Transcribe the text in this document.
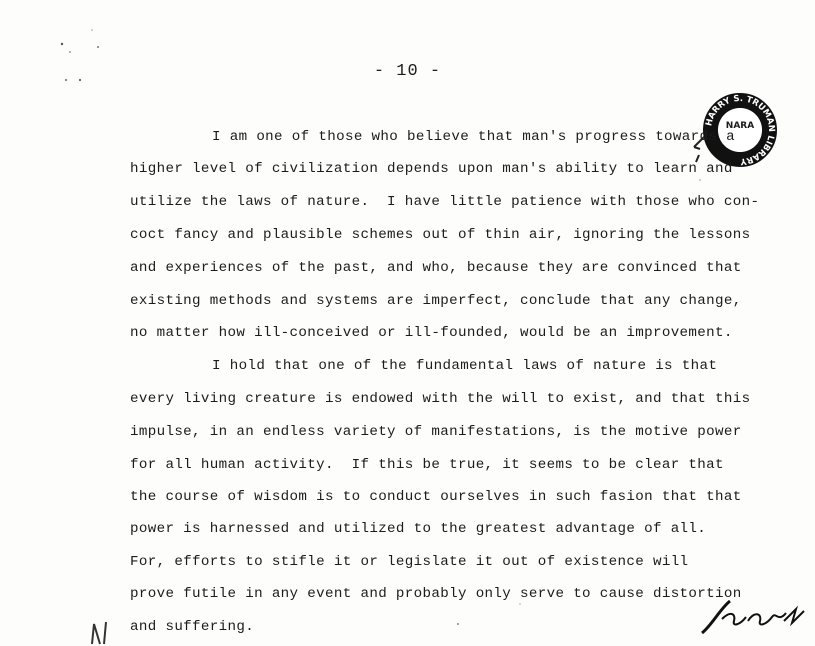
- 10 -
HARRY S. TRUMAN LIBRARY
NARA
I am one of those who believe that man's progress towards a
higher level of civilization depends upon man's ability to learn and
utilize the laws of nature.  I have little patience with those who con-
coct fancy and plausible schemes out of thin air, ignoring the lessons
and experiences of the past, and who, because they are convinced that
existing methods and systems are imperfect, conclude that any change,
no matter how ill-conceived or ill-founded, would be an improvement.
I hold that one of the fundamental laws of nature is that
every living creature is endowed with the will to exist, and that this
impulse, in an endless variety of manifestations, is the motive power
for all human activity.  If this be true, it seems to be clear that
the course of wisdom is to conduct ourselves in such fasion that that
power is harnessed and utilized to the greatest advantage of all.
For, efforts to stifle it or legislate it out of existence will
prove futile in any event and probably only serve to cause distortion
and suffering.
